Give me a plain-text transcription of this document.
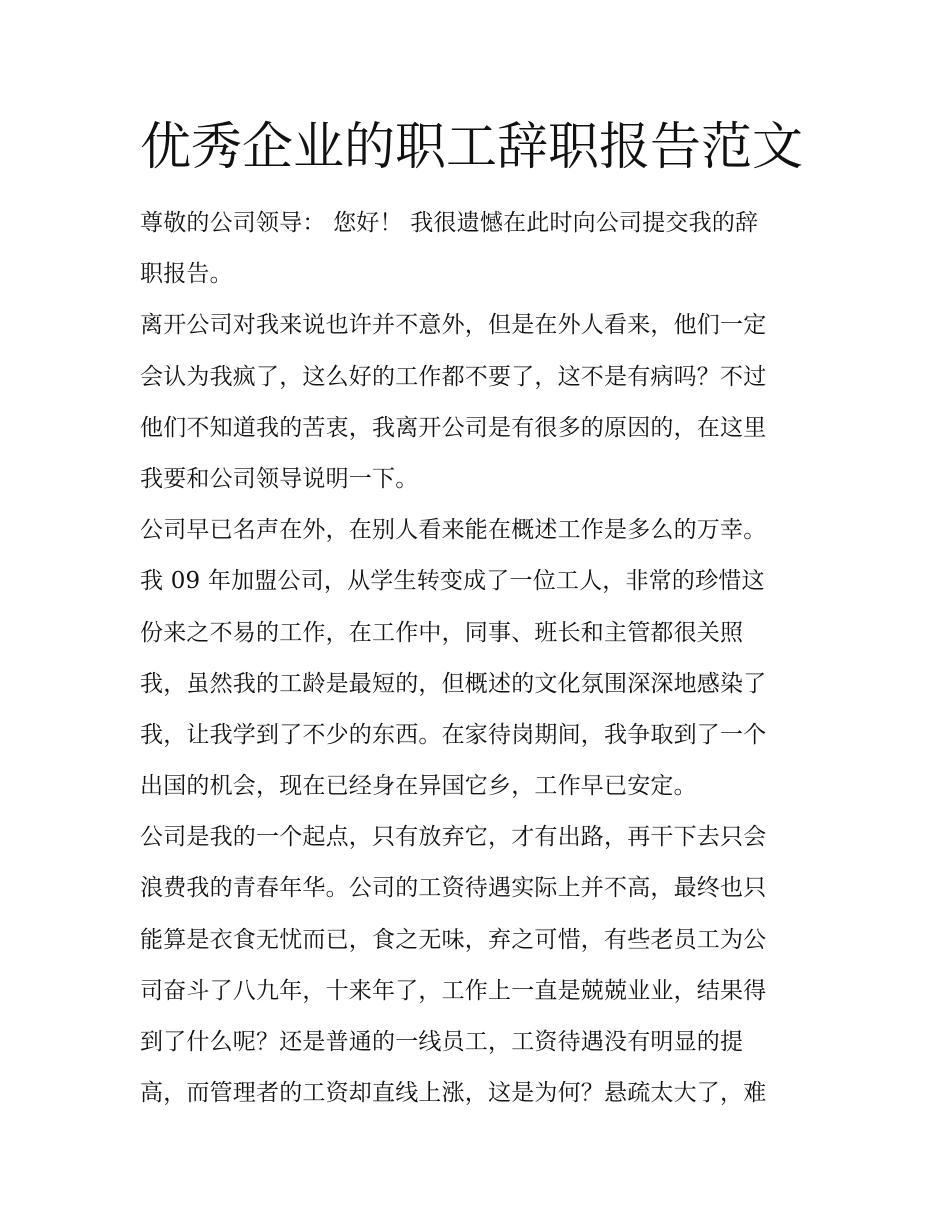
优秀企业的职工辞职报告范文
尊敬的公司领导： 您好！ 我很遗憾在此时向公司提交我的辞
职报告。
离开公司对我来说也许并不意外，但是在外人看来，他们一定
会认为我疯了，这么好的工作都不要了，这不是有病吗？不过
他们不知道我的苦衷，我离开公司是有很多的原因的，在这里
我要和公司领导说明一下。
公司早已名声在外，在别人看来能在概述工作是多么的万幸。
我 09 年加盟公司，从学生转变成了一位工人，非常的珍惜这
份来之不易的工作，在工作中，同事、班长和主管都很关照
我，虽然我的工龄是最短的，但概述的文化氛围深深地感染了
我，让我学到了不少的东西。在家待岗期间，我争取到了一个
出国的机会，现在已经身在异国它乡，工作早已安定。
公司是我的一个起点，只有放弃它，才有出路，再干下去只会
浪费我的青春年华。公司的工资待遇实际上并不高，最终也只
能算是衣食无忧而已，食之无味，弃之可惜，有些老员工为公
司奋斗了八九年，十来年了，工作上一直是兢兢业业，结果得
到了什么呢？还是普通的一线员工，工资待遇没有明显的提
高，而管理者的工资却直线上涨，这是为何？悬疏太大了，难
